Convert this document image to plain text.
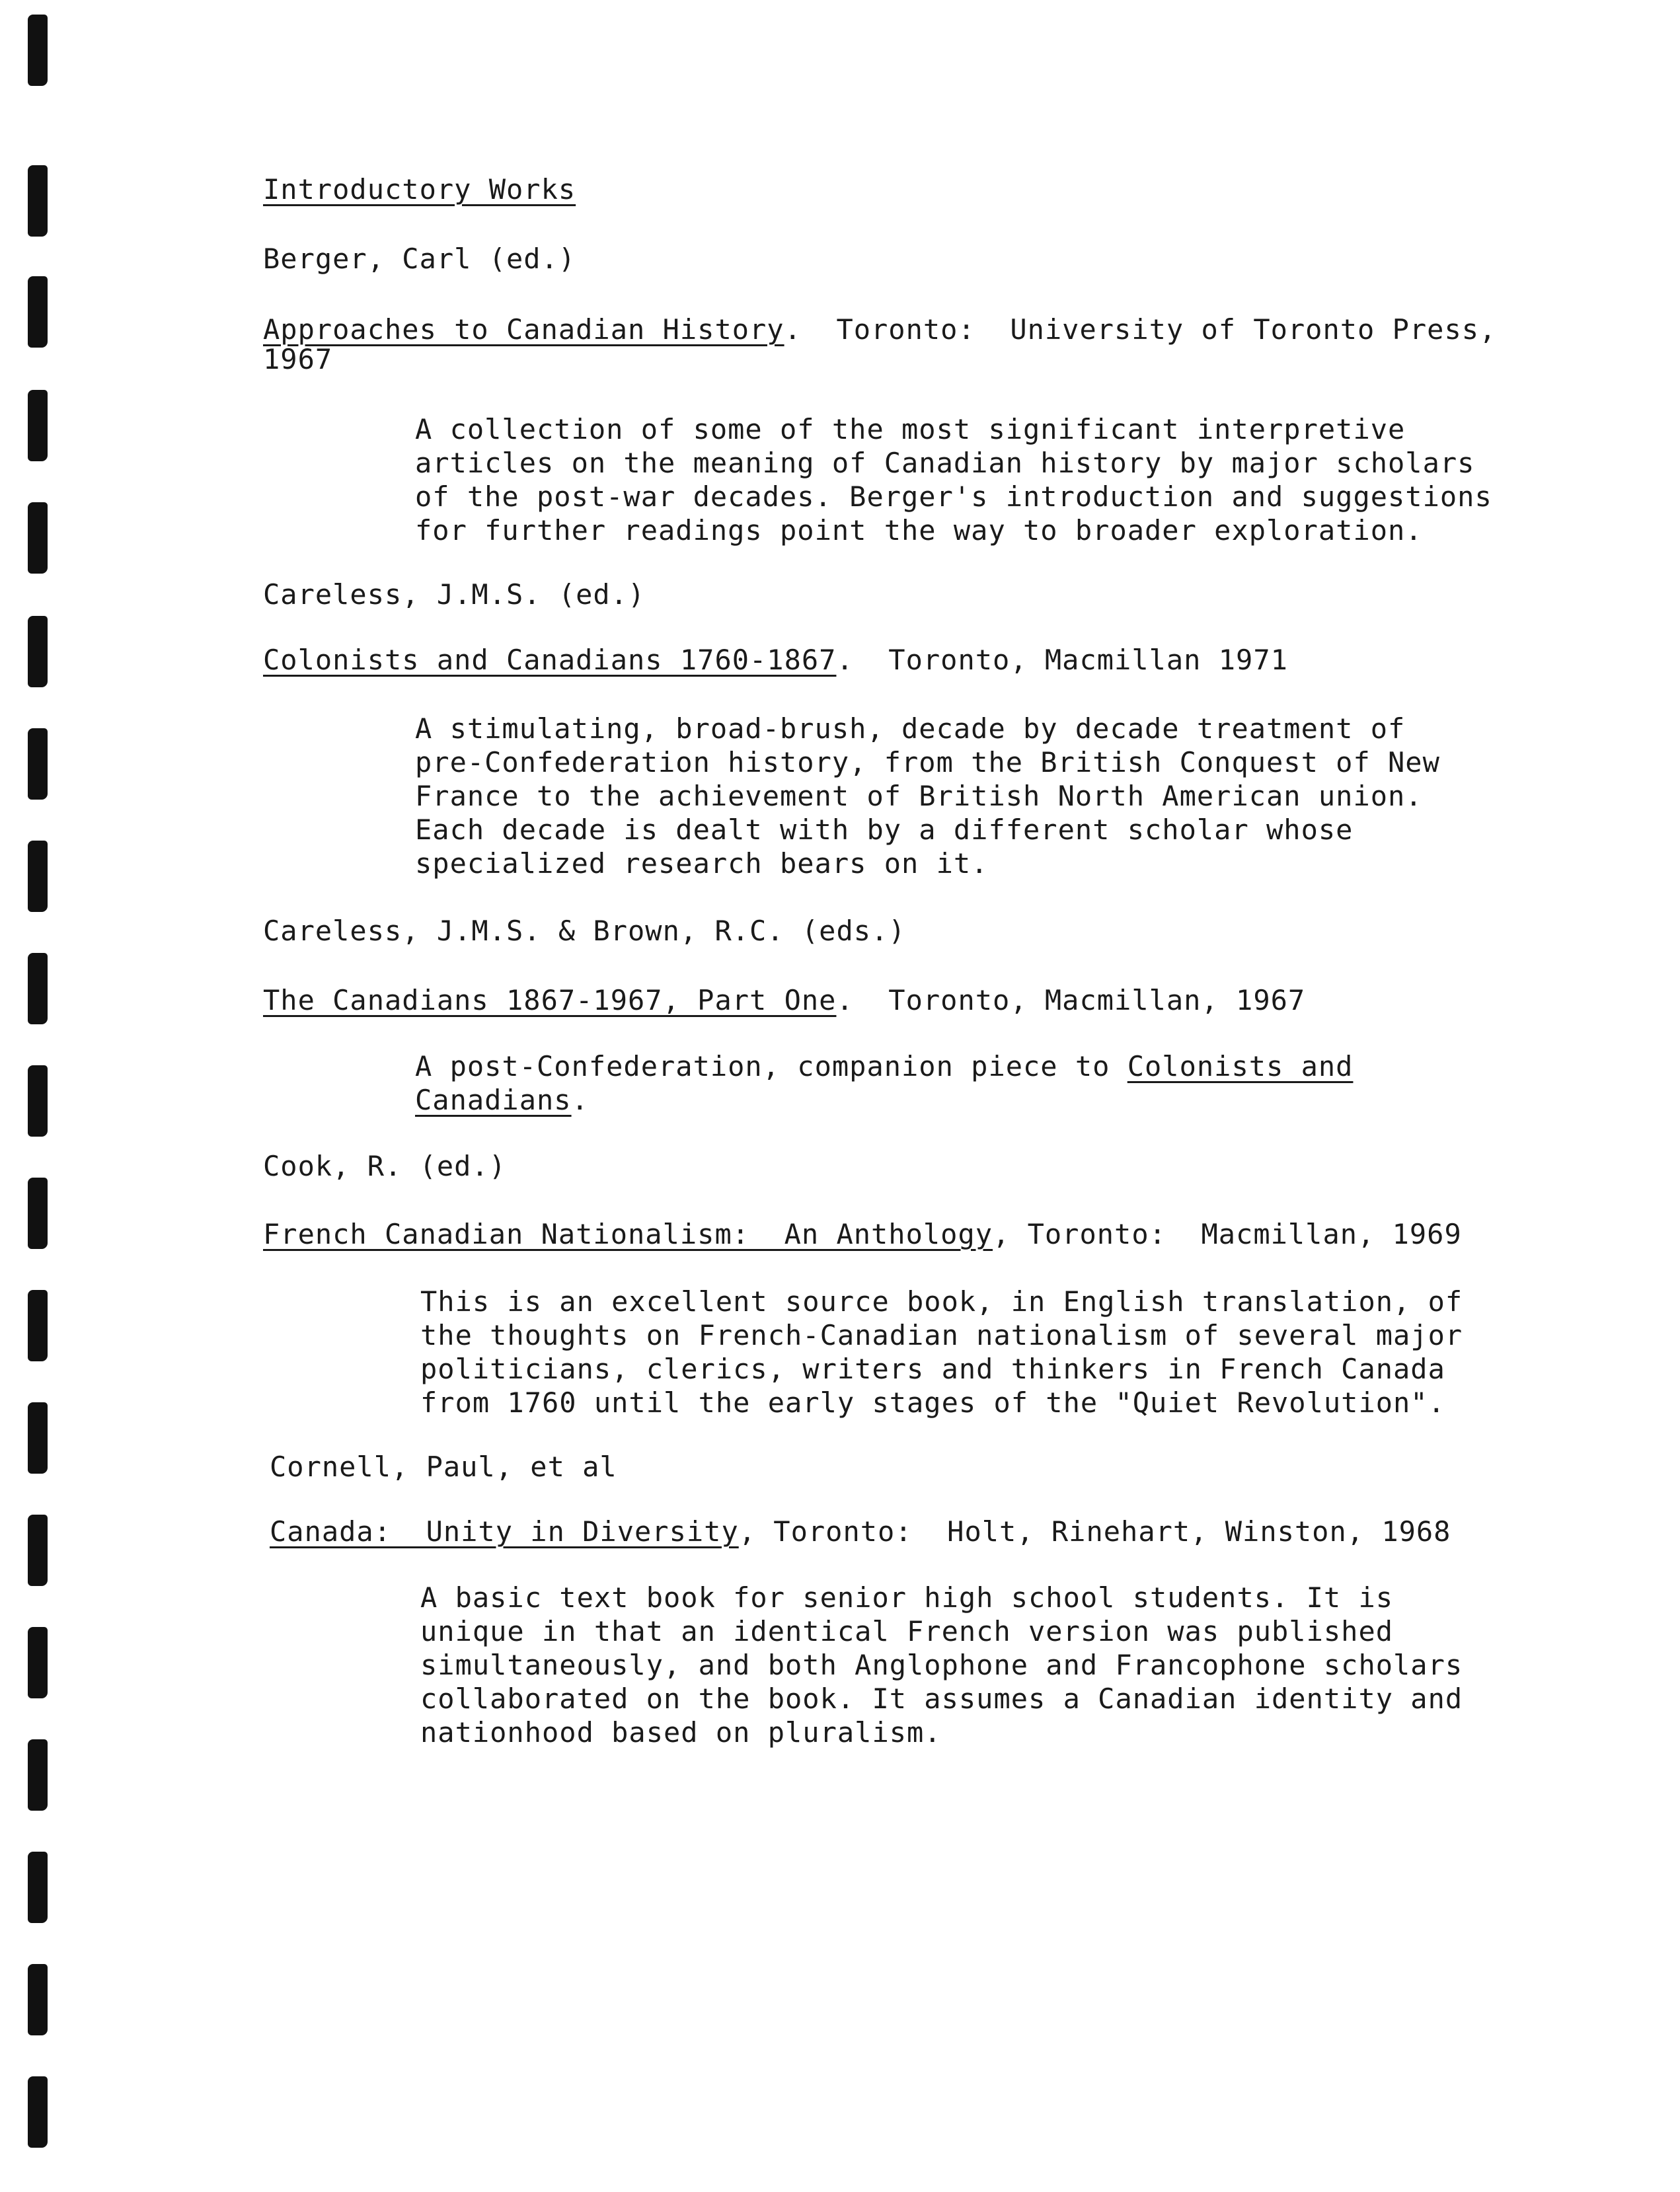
Introductory Works
Berger, Carl (ed.)
Approaches to Canadian History.  Toronto:  University of Toronto Press,
1967
A collection of some of the most significant interpretive
articles on the meaning of Canadian history by major scholars
of the post-war decades. Berger's introduction and suggestions
for further readings point the way to broader exploration.
Careless, J.M.S. (ed.)
Colonists and Canadians 1760-1867.  Toronto, Macmillan 1971
A stimulating, broad-brush, decade by decade treatment of
pre-Confederation history, from the British Conquest of New
France to the achievement of British North American union.
Each decade is dealt with by a different scholar whose
specialized research bears on it.
Careless, J.M.S. & Brown, R.C. (eds.)
The Canadians 1867-1967, Part One.  Toronto, Macmillan, 1967
A post-Confederation, companion piece to Colonists and
Canadians.
Cook, R. (ed.)
French Canadian Nationalism:  An Anthology, Toronto:  Macmillan, 1969
This is an excellent source book, in English translation, of
the thoughts on French-Canadian nationalism of several major
politicians, clerics, writers and thinkers in French Canada
from 1760 until the early stages of the "Quiet Revolution".
Cornell, Paul, et al
Canada:  Unity in Diversity, Toronto:  Holt, Rinehart, Winston, 1968
A basic text book for senior high school students. It is
unique in that an identical French version was published
simultaneously, and both Anglophone and Francophone scholars
collaborated on the book. It assumes a Canadian identity and
nationhood based on pluralism.
